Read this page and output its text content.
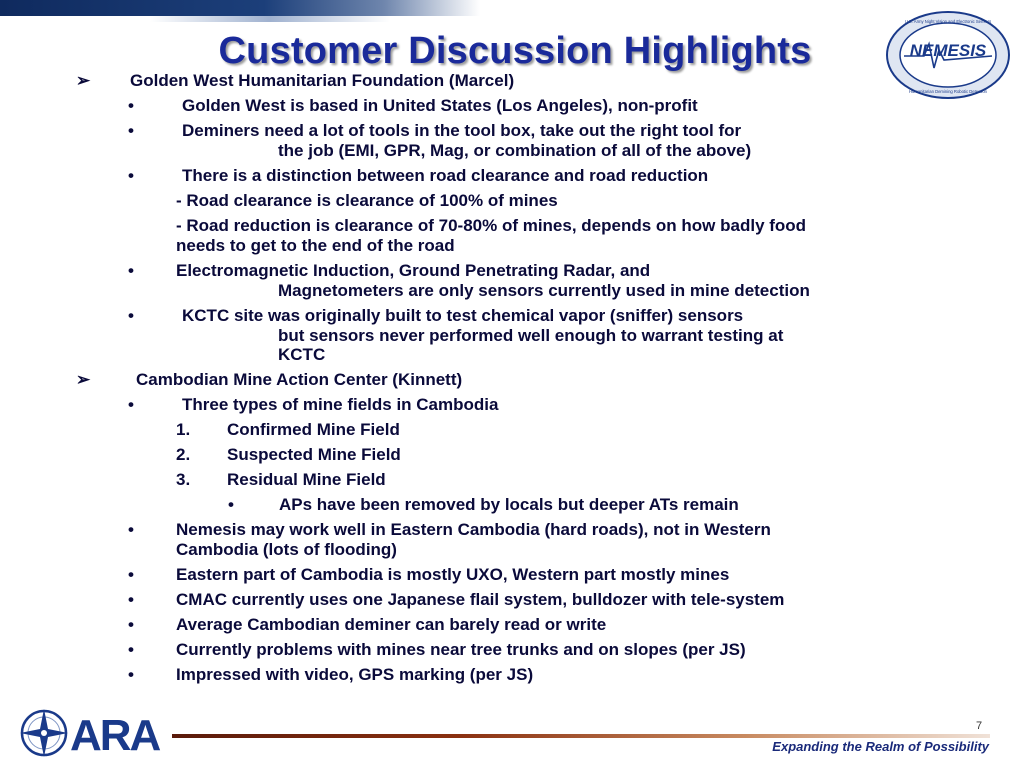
Customer Discussion Highlights	NEMESIS
U.S. Army Night Vision and Electronic Sensors
Humanitarian Demining Robotic Detection
➢ Golden West Humanitarian Foundation (Marcel)
•	Golden West is based in United States (Los Angeles), non-profit
•	Deminers need a lot of tools in the tool box, take out the right tool for
the job (EMI, GPR, Mag, or combination of all of the above)
•	There is a distinction between road clearance and road reduction
- Road clearance is clearance of 100% of mines
- Road reduction is clearance of 70-80% of mines, depends on how badly food
needs to get to the end of the road
• Electromagnetic Induction, Ground Penetrating Radar, and
Magnetometers are only sensors currently used in mine detection
•	KCTC site was originally built to test chemical vapor (sniffer) sensors
but sensors never performed well enough to warrant testing at
KCTC
➢	Cambodian Mine Action Center (Kinnett)
•	Three types of mine fields in Cambodia
1. Confirmed Mine Field
2. Suspected Mine Field
3. Residual Mine Field
•	APs have been removed by locals but deeper ATs remain
• Nemesis may work well in Eastern Cambodia (hard roads), not in Western
Cambodia (lots of flooding)
• Eastern part of Cambodia is mostly UXO, Western part mostly mines
• CMAC currently uses one Japanese flail system, bulldozer with tele-system
• Average Cambodian deminer can barely read or write
• Currently problems with mines near tree trunks and on slopes (per JS)
• Impressed with video, GPS marking (per JS)
ARA	7
Expanding the Realm of Possibility
